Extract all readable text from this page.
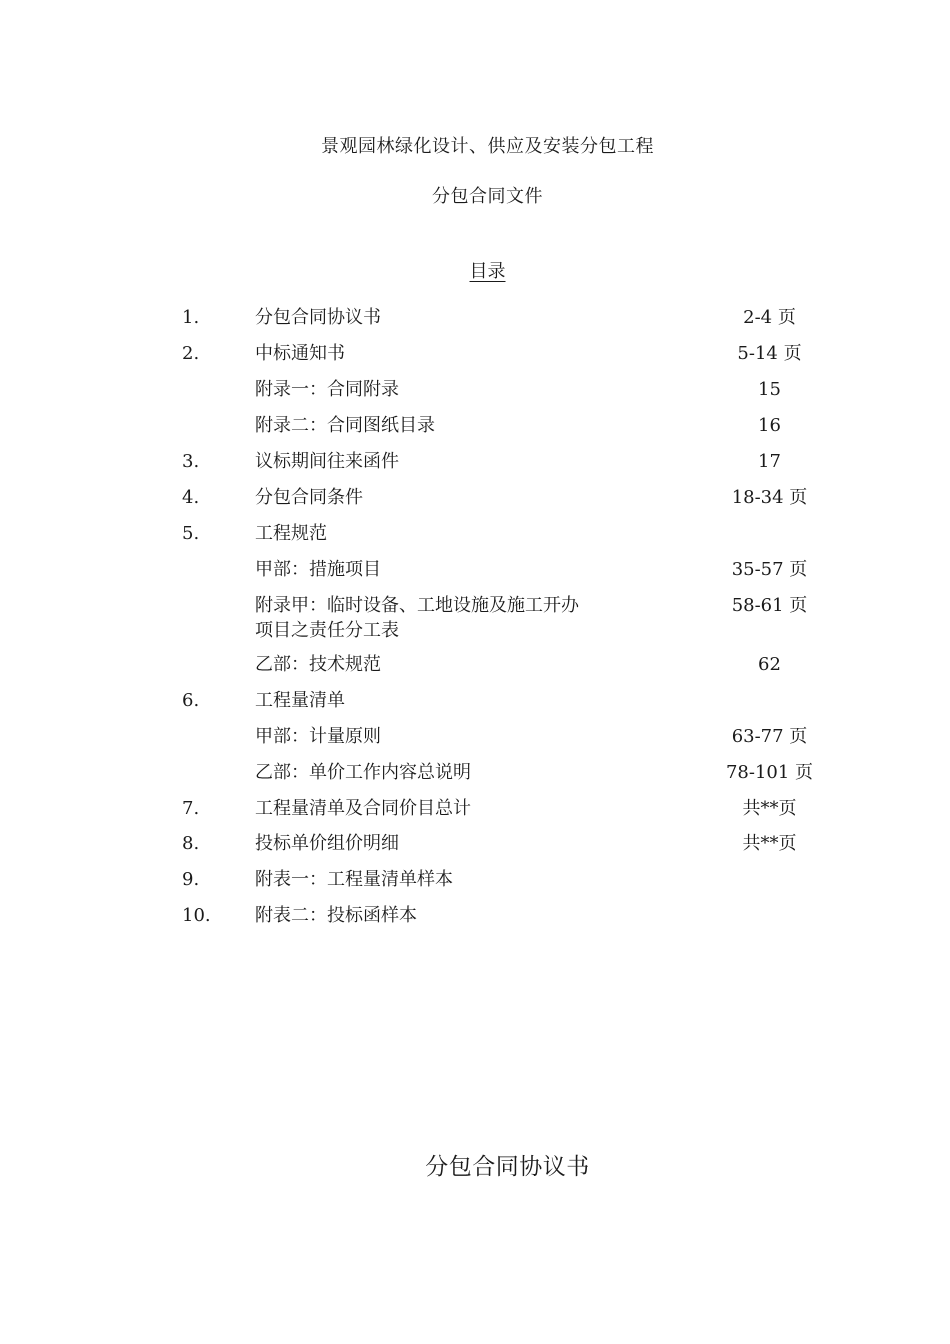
景观园林绿化设计、供应及安装分包工程
分包合同文件
目录
1.	分包合同协议书	2-4 页
2.	中标通知书	5-14 页
附录一：合同附录	15
附录二：合同图纸目录	16
3.	议标期间往来函件	17
4.	分包合同条件	18-34 页
5.	工程规范
甲部：措施项目	35-57 页
附录甲：临时设备、工地设施及施工开办	58-61 页
项目之责任分工表
乙部：技术规范	62
6.	工程量清单
甲部：计量原则	63-77 页
乙部：单价工作内容总说明	78-101 页
7.	工程量清单及合同价目总计	共**页
8.	投标单价组价明细	共**页
9.	附表一：工程量清单样本
10. 附表二：投标函样本
分包合同协议书
